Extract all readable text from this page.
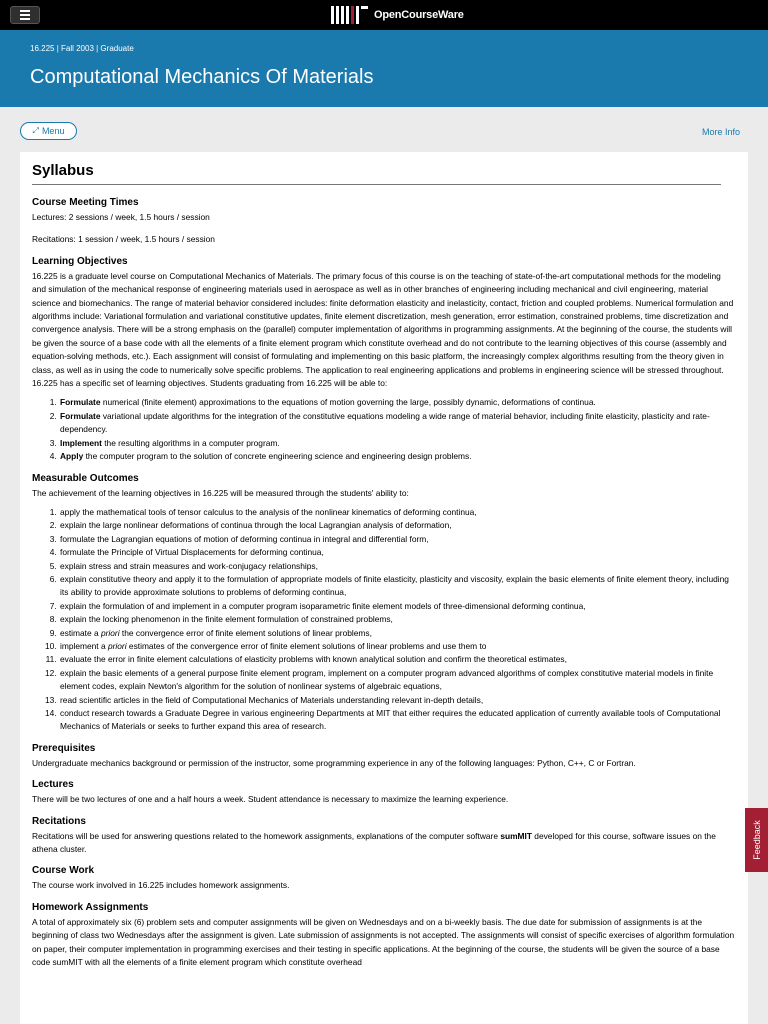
OpenCourseWare
16.225 | Fall 2003 | Graduate
Computational Mechanics Of Materials
⤢ Menu	More Info
Syllabus
Course Meeting Times

Lectures: 2 sessions / week, 1.5 hours / session

Recitations: 1 session / week, 1.5 hours / session

Learning Objectives

16.225 is a graduate level course on Computational Mechanics of Materials. The primary focus of this course is on the teaching of state-of-the-art computational methods for the modeling and simulation of the mechanical response of engineering materials used in aerospace as well as in other branches of engineering including mechanical and civil engineering, material science and biomechanics. The range of material behavior considered includes: finite deformation elasticity and inelasticity, contact, friction and coupled problems. Numerical formulation and algorithms include: Variational formulation and variational constitutive updates, finite element discretization, mesh generation, error estimation, constrained problems, time discretization and convergence analysis. There will be a strong emphasis on the (parallel) computer implementation of algorithms in programming assignments. At the beginning of the course, the students will be given the source of a base code with all the elements of a finite element program which constitute overhead and do not contribute to the learning objectives of this course (assembly and equation-solving methods, etc.). Each assignment will consist of formulating and implementing on this basic platform, the increasingly complex algorithms resulting from the theory given in class, as well as in using the code to numerically solve specific problems. The application to real engineering applications and problems in engineering science will be stressed throughout. 16.225 has a specific set of learning objectives. Students graduating from 16.225 will be able to:

1. Formulate numerical (finite element) approximations to the equations of motion governing the large, possibly dynamic, deformations of continua.
2. Formulate variational update algorithms for the integration of the constitutive equations modeling a wide range of material behavior, including finite elasticity, plasticity and rate-dependency.
3. Implement the resulting algorithms in a computer program.
4. Apply the computer program to the solution of concrete engineering science and engineering design problems.
Measurable Outcomes

The achievement of the learning objectives in 16.225 will be measured through the students' ability to:

1. apply the mathematical tools of tensor calculus to the analysis of the nonlinear kinematics of deforming continua,
2. explain the large nonlinear deformations of continua through the local Lagrangian analysis of deformation,
3. formulate the Lagrangian equations of motion of deforming continua in integral and differential form,
4. formulate the Principle of Virtual Displacements for deforming continua,
5. explain stress and strain measures and work-conjugacy relationships,
6. explain constitutive theory and apply it to the formulation of appropriate models of finite elasticity, plasticity and viscosity, explain the basic elements of finite element theory, including its ability to provide approximate solutions to problems of deforming continua,
7. explain the formulation of and implement in a computer program isoparametric finite element models of three-dimensional deforming continua,
8. explain the locking phenomenon in the finite element formulation of constrained problems,
9. estimate a priori the convergence error of finite element solutions of linear problems,
10. implement a priori estimates of the convergence error of finite element solutions of linear problems and use them to
11. evaluate the error in finite element calculations of elasticity problems with known analytical solution and confirm the theoretical estimates,
12. explain the basic elements of a general purpose finite element program, implement on a computer program advanced algorithms of complex constitutive material models in finite element codes, explain Newton's algorithm for the solution of nonlinear systems of algebraic equations,
13. read scientific articles in the field of Computational Mechanics of Materials understanding relevant in-depth details,
14. conduct research towards a Graduate Degree in various engineering Departments at MIT that either requires the educated application of currently available tools of Computational Mechanics of Materials or seeks to further expand this area of research.
Prerequisites

Undergraduate mechanics background or permission of the instructor, some programming experience in any of the following languages: Python, C++, C or Fortran.

Lectures

There will be two lectures of one and a half hours a week. Student attendance is necessary to maximize the learning experience.

Recitations

Recitations will be used for answering questions related to the homework assignments, explanations of the computer software sumMIT developed for this course, software issues on the athena cluster.

Course Work

The course work involved in 16.225 includes homework assignments.

Homework Assignments

A total of approximately six (6) problem sets and computer assignments will be given on Wednesdays and on a bi-weekly basis. The due date for submission of assignments is at the beginning of class two Wednesdays after the assignment is given. Late submission of assignments is not accepted. The assignments will consist of specific exercises of algorithm formulation on paper, their computer implementation in programming exercises and their testing in specific applications. At the beginning of the course, the students will be given the source of a base code sumMIT with all the elements of a finite element program which constitute overhead

Feedback
